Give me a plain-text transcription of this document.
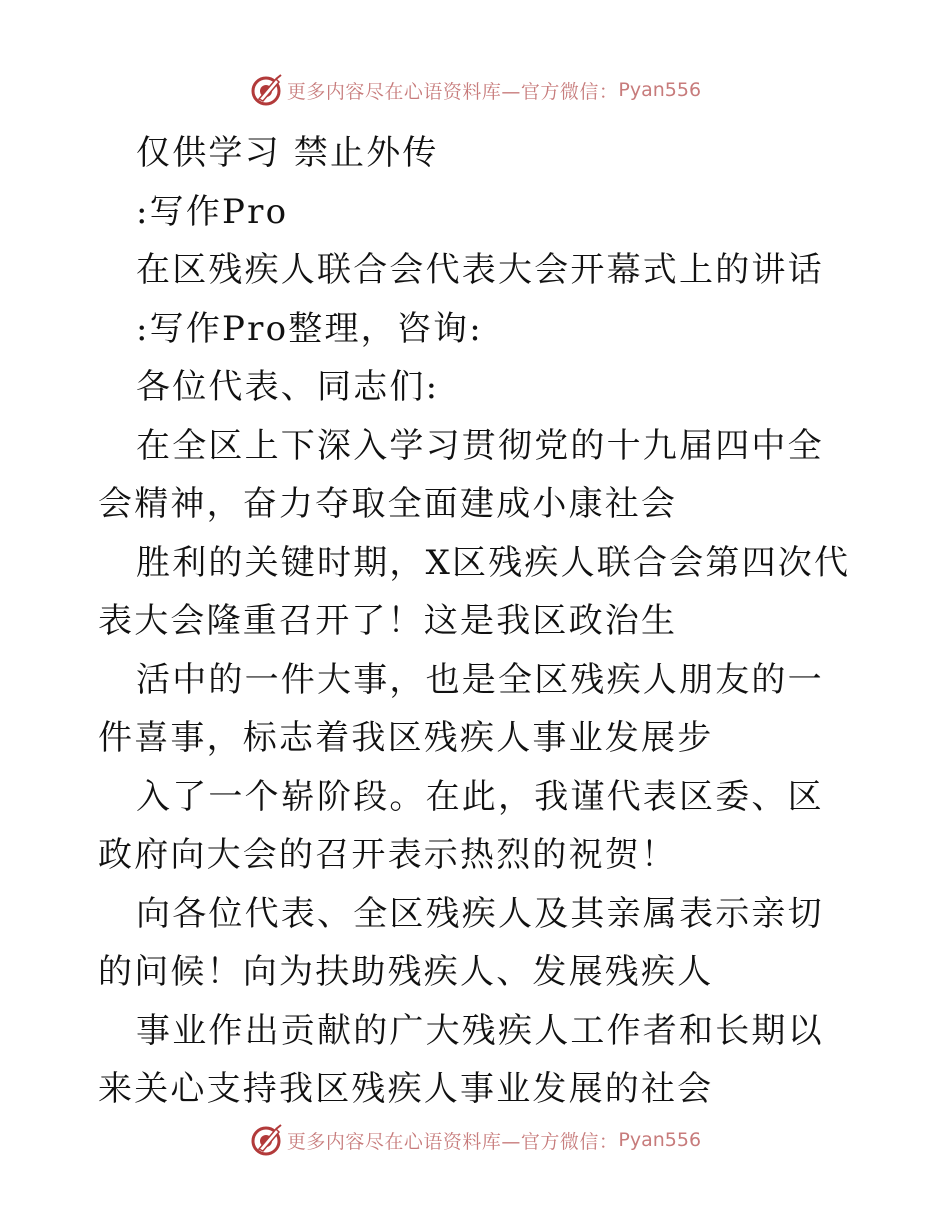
更多内容尽在心语资料库—官方微信： Pyan556

仅供学习 禁止外传

:写作Pro

在区残疾人联合会代表大会开幕式上的讲话

:写作Pro整理，咨询:

各位代表、同志们:

在全区上下深入学习贯彻党的十九届四中全会精神，奋力夺取全面建成小康社会

胜利的关键时期，X区残疾人联合会第四次代表大会隆重召开了！这是我区政治生

活中的一件大事，也是全区残疾人朋友的一件喜事，标志着我区残疾人事业发展步

入了一个崭阶段。在此，我谨代表区委、区政府向大会的召开表示热烈的祝贺！

向各位代表、全区残疾人及其亲属表示亲切的问候！向为扶助残疾人、发展残疾人

事业作出贡献的广大残疾人工作者和长期以来关心支持我区残疾人事业发展的社会

更多内容尽在心语资料库—官方微信： Pyan556
